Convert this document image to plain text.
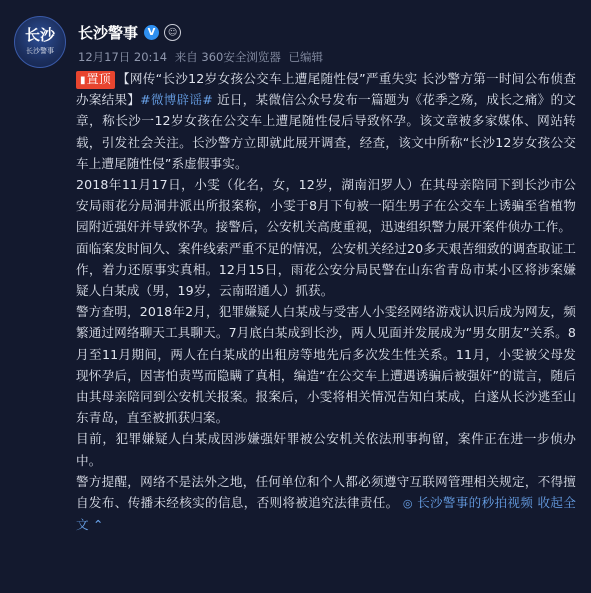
长沙
长沙警事
长沙警事 V	☺
12月17日 20:14 来自 360安全浏览器 已编辑

▮置顶 【网传“长沙12岁女孩公交车上遭尾随性侵”严重失实 长沙警方第一时间公布侦查办案结果】#微博辟谣# 近日，某微信公众号发布一篇题为《花季之殇，成长之痛》的文章，称长沙一12岁女孩在公交车上遭尾随性侵后导致怀孕。该文章被多家媒体、网站转载，引发社会关注。长沙警方立即就此展开调查，经查，该文中所称“长沙12岁女孩公交车上遭尾随性侵”系虚假事实。

2018年11月17日，小雯（化名，女，12岁，湖南汨罗人）在其母亲陪同下到长沙市公安局雨花分局洞井派出所报案称，小雯于8月下旬被一陌生男子在公交车上诱骗至省植物园附近强奸并导致怀孕。接警后，公安机关高度重视，迅速组织警力展开案件侦办工作。

面临案发时间久、案件线索严重不足的情况，公安机关经过20多天艰苦细致的调查取证工作，着力还原事实真相。12月15日，雨花公安分局民警在山东省青岛市某小区将涉案嫌疑人白某成（男，19岁，云南昭通人）抓获。

警方查明，2018年2月，犯罪嫌疑人白某成与受害人小雯经网络游戏认识后成为网友，频繁通过网络聊天工具聊天。7月底白某成到长沙，两人见面并发展成为“男女朋友”关系。8月至11月期间，两人在白某成的出租房等地先后多次发生性关系。11月，小雯被父母发现怀孕后，因害怕责骂而隐瞒了真相，编造“在公交车上遭遇诱骗后被强奸”的谎言，随后由其母亲陪同到公安机关报案。报案后，小雯将相关情况告知白某成，白遂从长沙逃至山东青岛，直至被抓获归案。

目前，犯罪嫌疑人白某成因涉嫌强奸罪被公安机关依法刑事拘留，案件正在进一步侦办中。

警方提醒，网络不是法外之地，任何单位和个人都必须遵守互联网管理相关规定，不得擅自发布、传播未经核实的信息，否则将被追究法律责任。 ◎ 长沙警事的秒拍视频 收起全文 ⌃
